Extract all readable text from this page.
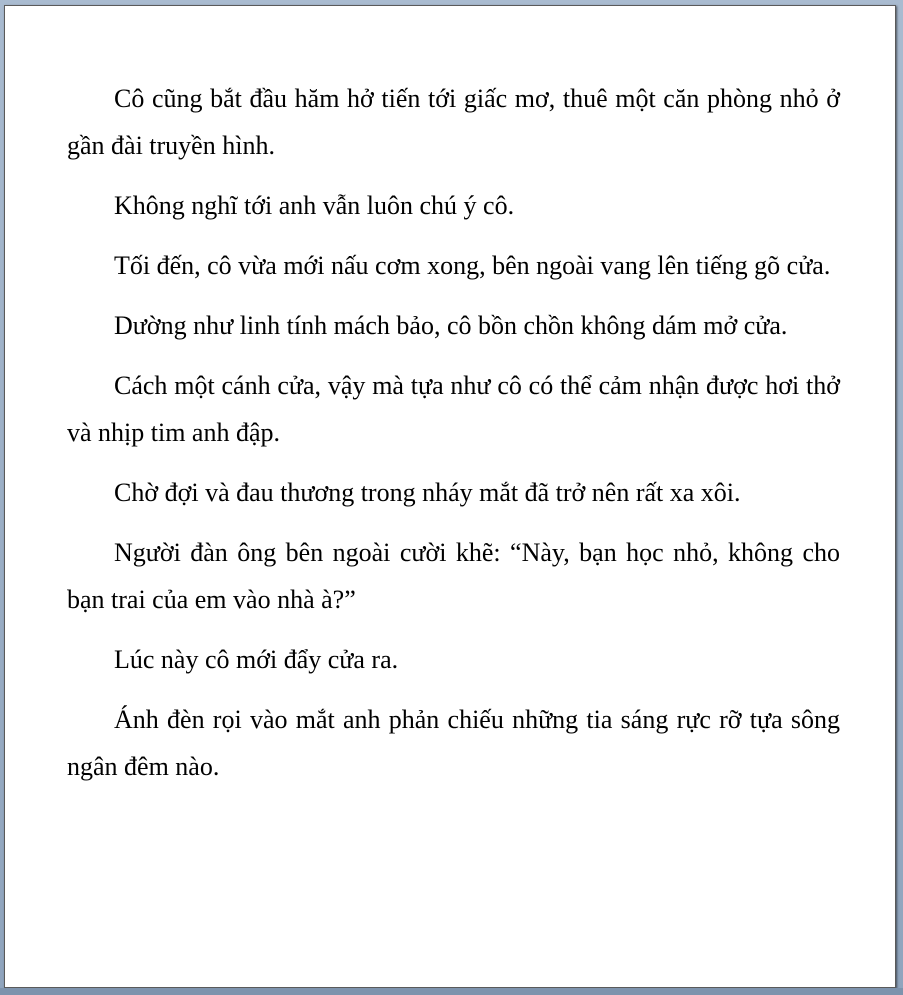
Cô cũng bắt đầu hăm hở tiến tới giấc mơ, thuê một căn phòng nhỏ ở gần đài truyền hình.

Không nghĩ tới anh vẫn luôn chú ý cô.

Tối đến, cô vừa mới nấu cơm xong, bên ngoài vang lên tiếng gõ cửa.

Dường như linh tính mách bảo, cô bồn chồn không dám mở cửa.

Cách một cánh cửa, vậy mà tựa như cô có thể cảm nhận được hơi thở và nhịp tim anh đập.

Chờ đợi và đau thương trong nháy mắt đã trở nên rất xa xôi.

Người đàn ông bên ngoài cười khẽ: “Này, bạn học nhỏ, không cho bạn trai của em vào nhà à?”

Lúc này cô mới đẩy cửa ra.

Ánh đèn rọi vào mắt anh phản chiếu những tia sáng rực rỡ tựa sông ngân đêm nào.
